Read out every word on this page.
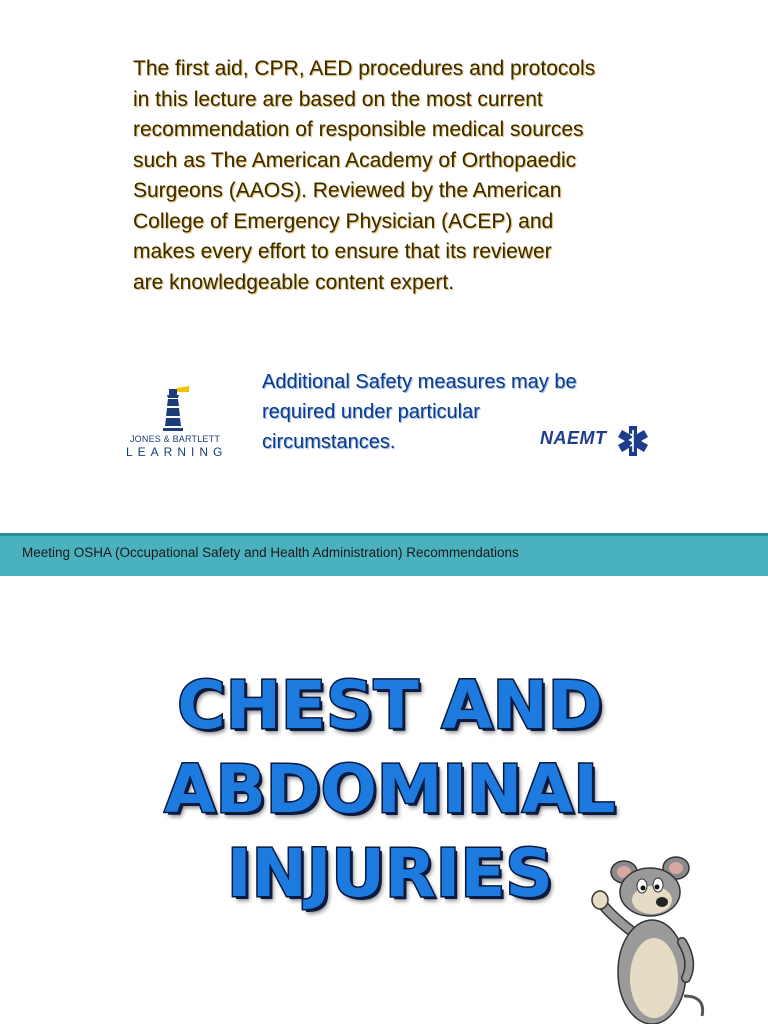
The first aid, CPR, AED procedures and protocols
in this lecture are based on the most current
recommendation of responsible medical sources
such as The American Academy of Orthopaedic
Surgeons (AAOS). Reviewed by the American
College of Emergency Physician (ACEP) and
makes every effort to ensure that its reviewer
are knowledgeable content expert.
JONES & BARTLETT
LEARNING
Additional Safety measures may be
required under particular
circumstances.	NAEMT
Meeting OSHA (Occupational Safety and Health Administration) Recommendations
CHEST AND
ABDOMINAL
INJURIES
